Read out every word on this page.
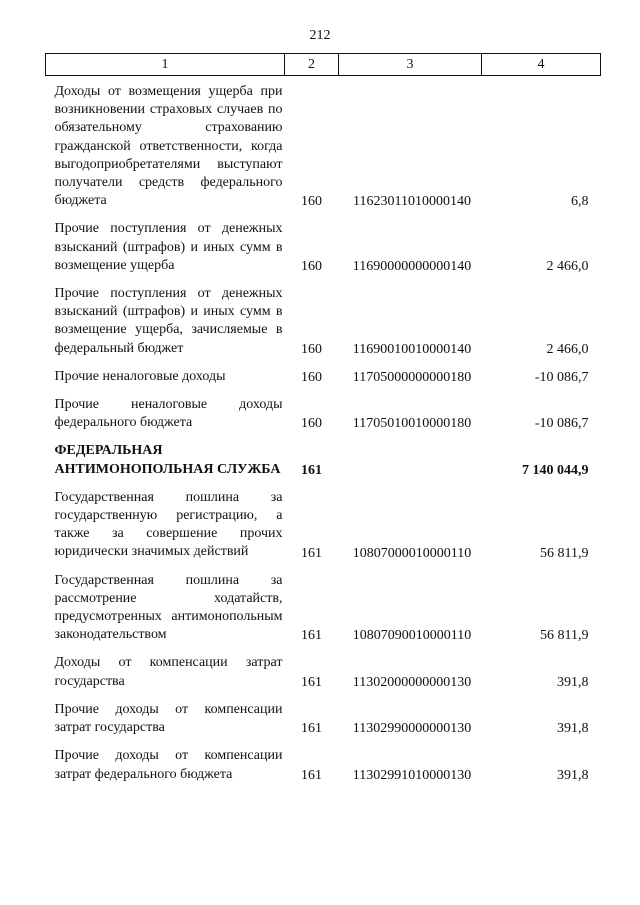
212
1	2	3	4
Доходы от возмещения ущерба при возникновении страховых случаев по обязательному страхованию гражданской ответственности, когда выгодоприобретателями выступают получатели средств федерального бюджета	160	11623011010000140	6,8
Прочие поступления от денежных взысканий (штрафов) и иных сумм в возмещение ущерба	160	11690000000000140	2 466,0
Прочие поступления от денежных взысканий (штрафов) и иных сумм в возмещение ущерба, зачисляемые в федеральный бюджет	160	11690010010000140	2 466,0
Прочие неналоговые доходы	160	11705000000000180	-10 086,7
Прочие неналоговые доходы федерального бюджета	160	11705010010000180	-10 086,7
ФЕДЕРАЛЬНАЯ АНТИМОНОПОЛЬНАЯ СЛУЖБА	161		7 140 044,9
Государственная пошлина за государственную регистрацию, а также за совершение прочих юридически значимых действий	161	10807000010000110	56 811,9
Государственная пошлина за рассмотрение ходатайств, предусмотренных антимонопольным законодательством	161	10807090010000110	56 811,9
Доходы от компенсации затрат государства	161	11302000000000130	391,8
Прочие доходы от компенсации затрат государства	161	11302990000000130	391,8
Прочие доходы от компенсации затрат федерального бюджета	161	11302991010000130	391,8
